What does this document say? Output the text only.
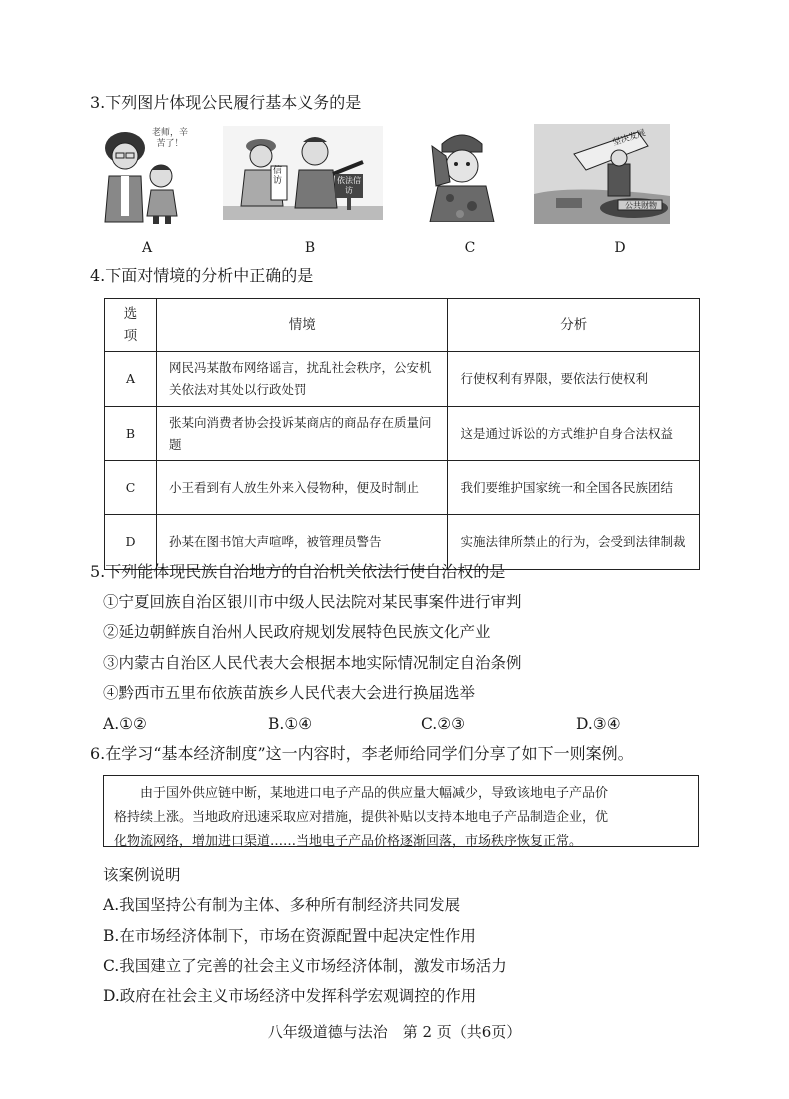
3.下列图片体现公民履行基本义务的是
老师，辛苦了！
信访	依法信访
坚决发展
公共财物
A	B	C	D
4.下面对情境的分析中正确的是
选项	情境	分析
A	网民冯某散布网络谣言，扰乱社会秩序，公安机关依法对其处以行政处罚	行使权利有界限，要依法行使权利
B	张某向消费者协会投诉某商店的商品存在质量问题	这是通过诉讼的方式维护自身合法权益
C	小王看到有人放生外来入侵物种，便及时制止	我们要维护国家统一和全国各民族团结
D	孙某在图书馆大声喧哗，被管理员警告	实施法律所禁止的行为，会受到法律制裁
5.下列能体现民族自治地方的自治机关依法行使自治权的是
①宁夏回族自治区银川市中级人民法院对某民事案件进行审判
②延边朝鲜族自治州人民政府规划发展特色民族文化产业
③内蒙古自治区人民代表大会根据本地实际情况制定自治条例
④黔西市五里布依族苗族乡人民代表大会进行换届选举
A.①②	B.①④	C.②③	D.③④
6.在学习“基本经济制度”这一内容时，李老师给同学们分享了如下一则案例。
由于国外供应链中断，某地进口电子产品的供应量大幅减少，导致该地电子产品价
格持续上涨。当地政府迅速采取应对措施，提供补贴以支持本地电子产品制造企业，优
化物流网络，增加进口渠道……当地电子产品价格逐渐回落，市场秩序恢复正常。
该案例说明
A.我国坚持公有制为主体、多种所有制经济共同发展
B.在市场经济体制下，市场在资源配置中起决定性作用
C.我国建立了完善的社会主义市场经济体制，激发市场活力
D.政府在社会主义市场经济中发挥科学宏观调控的作用
八年级道德与法治　第 2 页（共6页）
